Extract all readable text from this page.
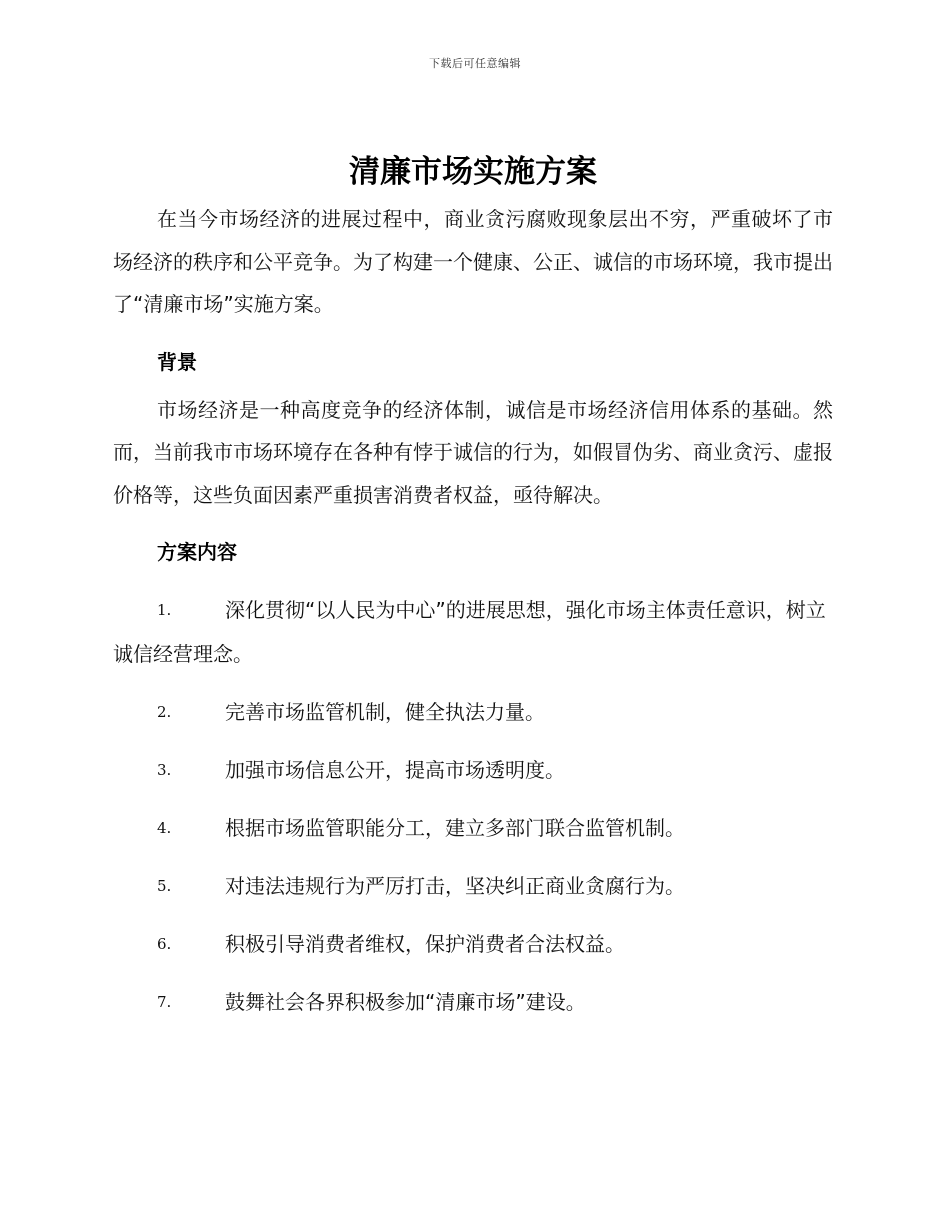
下载后可任意编辑
清廉市场实施方案

在当今市场经济的进展过程中，商业贪污腐败现象层出不穷，严重破坏了市场经济的秩序和公平竞争。为了构建一个健康、公正、诚信的市场环境，我市提出了“清廉市场”实施方案。

背景

市场经济是一种高度竞争的经济体制，诚信是市场经济信用体系的基础。然而，当前我市市场环境存在各种有悖于诚信的行为，如假冒伪劣、商业贪污、虚报价格等，这些负面因素严重损害消费者权益，亟待解决。

方案内容
1.	深化贯彻“以人民为中心”的进展思想，强化市场主体责任意识，树立诚信经营理念。
2.	完善市场监管机制，健全执法力量。
3.	加强市场信息公开，提高市场透明度。
4.	根据市场监管职能分工，建立多部门联合监管机制。
5.	对违法违规行为严厉打击，坚决纠正商业贪腐行为。
6.	积极引导消费者维权，保护消费者合法权益。
7.	鼓舞社会各界积极参加“清廉市场”建设。
